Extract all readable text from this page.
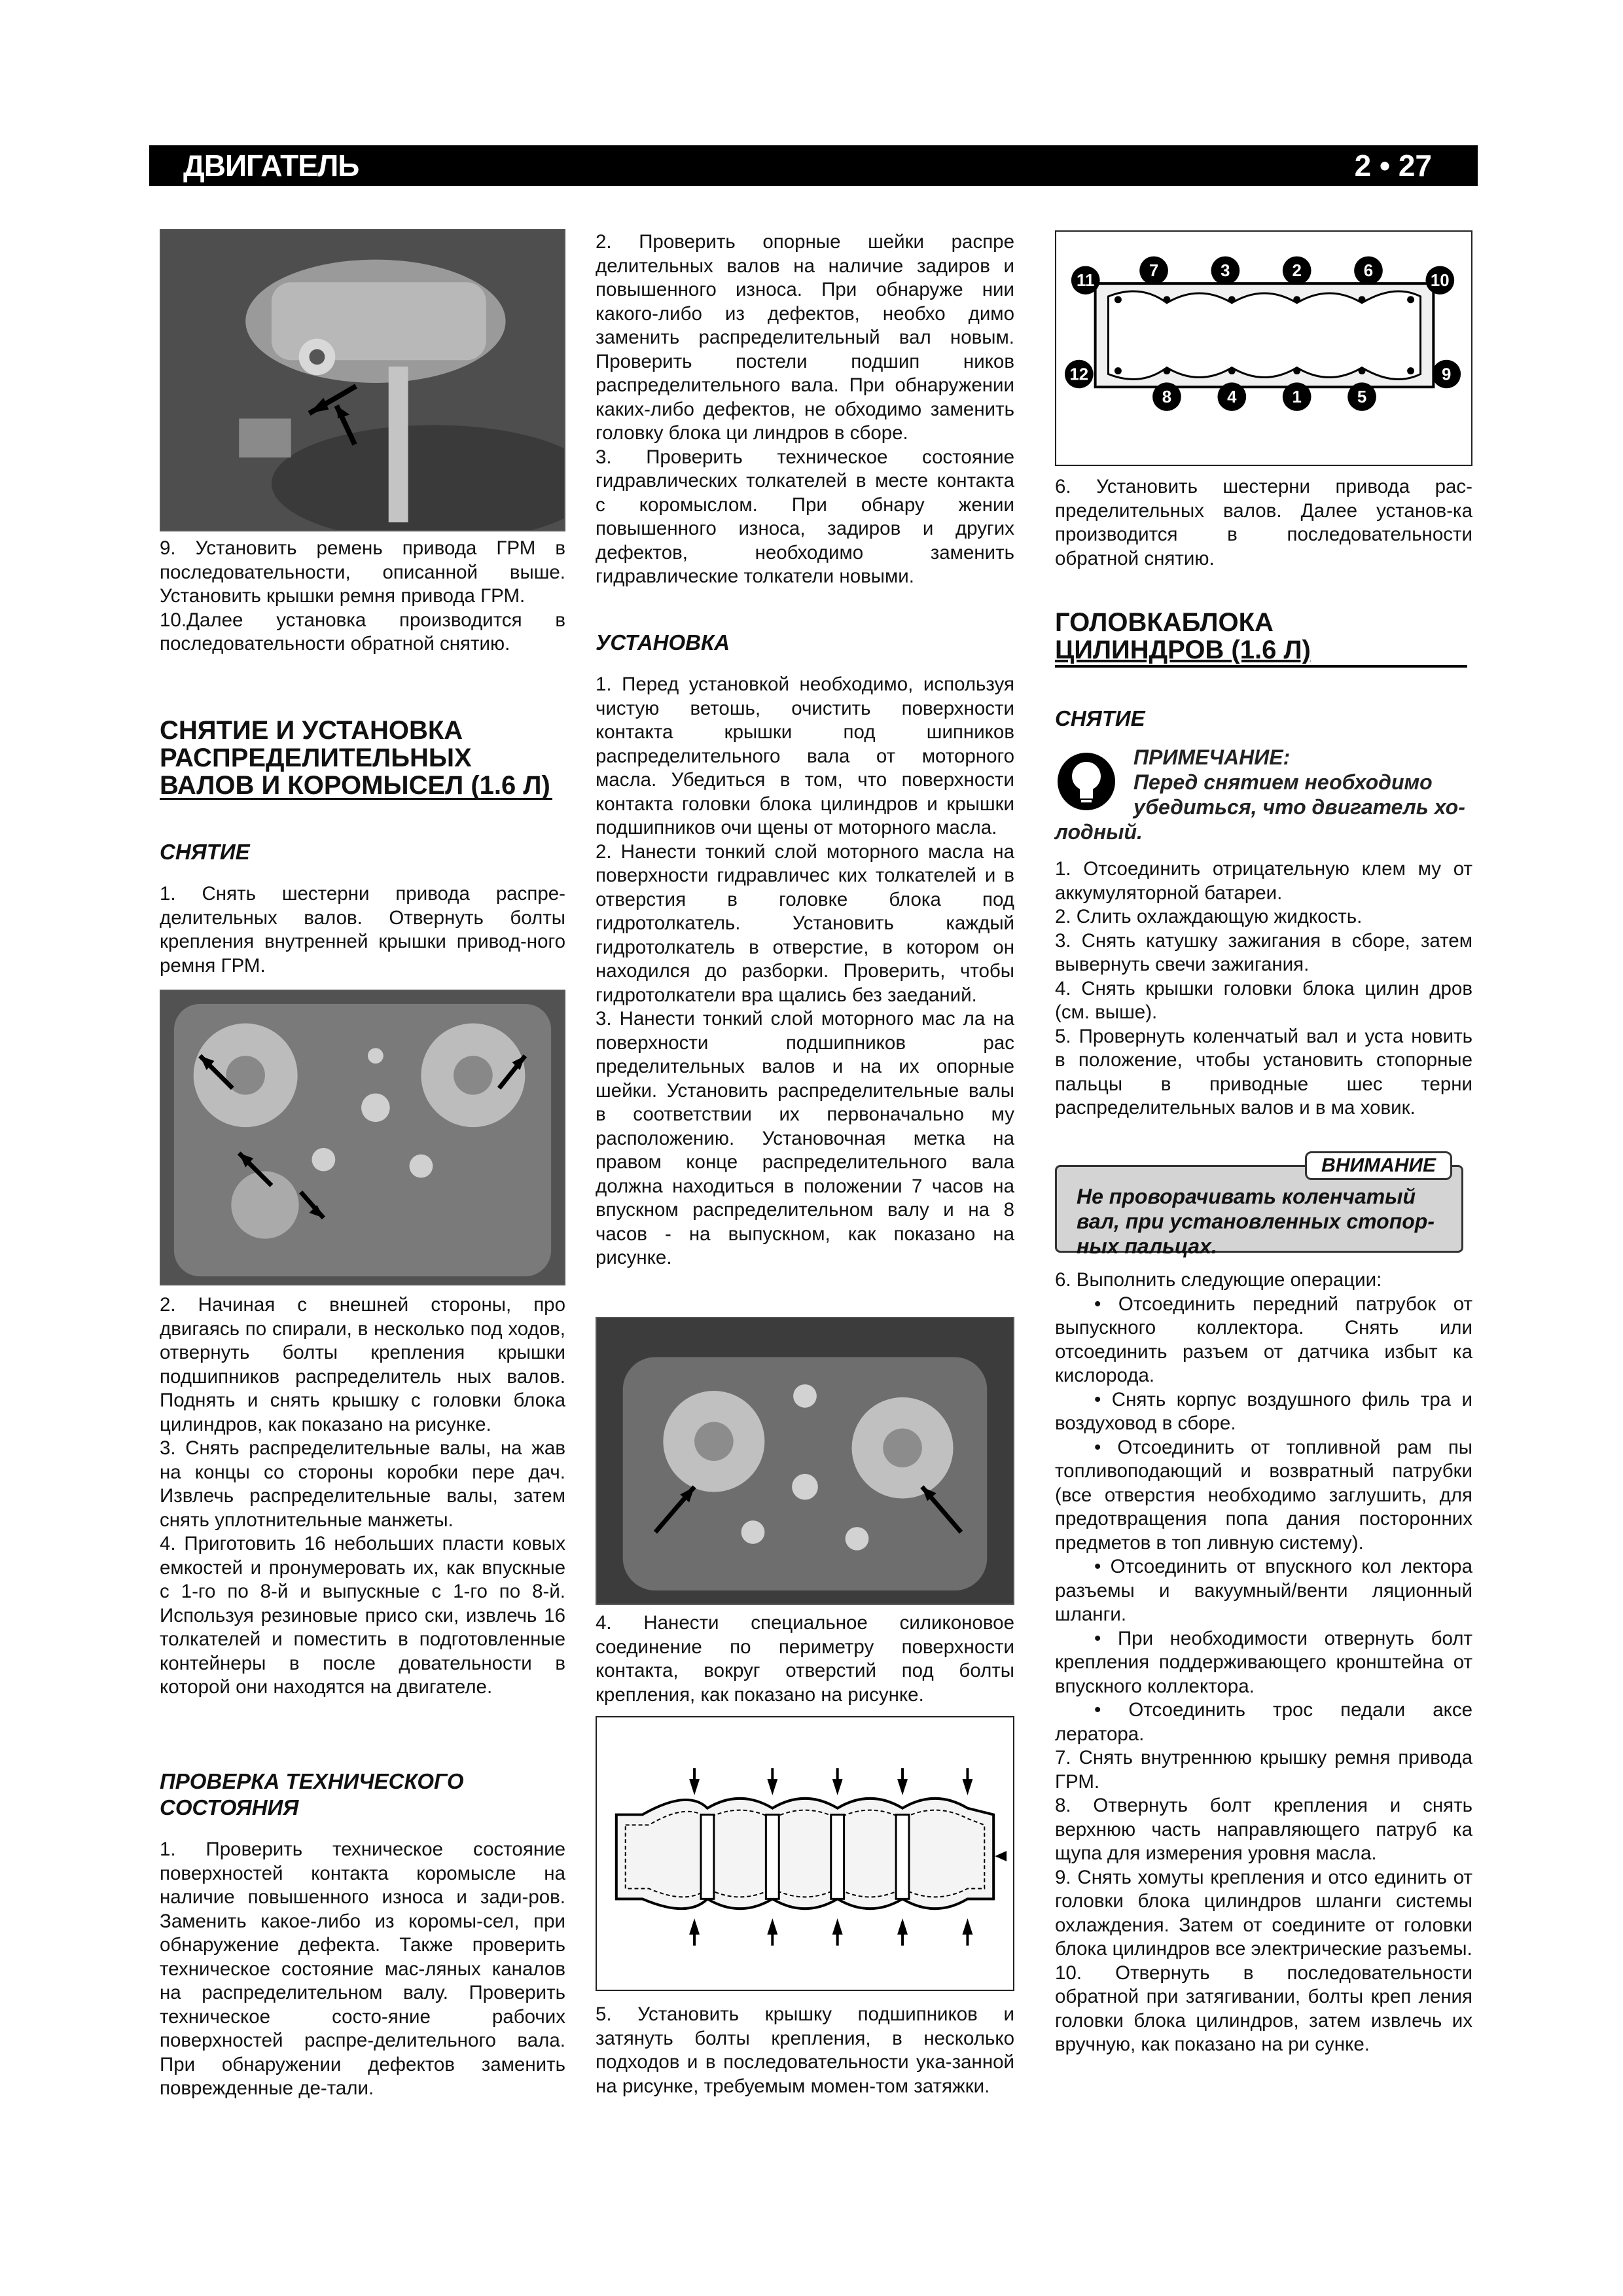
ДВИГАТЕЛЬ	2 • 27

9. Установить ремень привода ГРМ в последовательности, описанной выше. Установить крышки ремня привода ГРМ.

10.Далее установка производится в последовательности обратной снятию.

СНЯТИЕ И УСТАНОВКА РАСПРЕДЕЛИТЕЛЬНЫХ ВАЛОВ И КОРОМЫСЕЛ (1.6 Л)
СНЯТИЕ

1. Снять шестерни привода распре-делительных валов. Отвернуть болты крепления внутренней крышки привод-ного ремня ГРМ.

2. Начиная с внешней стороны, про двигаясь по спирали, в несколько под ходов, отвернуть болты крепления крышки подшипников распределитель ных валов. Поднять и снять крышку с головки блока цилиндров, как показано на рисунке.

3. Снять распределительные валы, на жав на концы со стороны коробки пере дач. Извлечь распределительные валы, затем снять уплотнительные манжеты.

4. Приготовить 16 небольших пласти ковых емкостей и пронумеровать их, как впускные с 1-го по 8-й и выпускные с 1-го по 8-й. Используя резиновые присо ски, извлечь 16 толкателей и поместить в подготовленные контейнеры в после довательности в которой они находятся на двигателе.

ПРОВЕРКА ТЕХНИЧЕСКОГО СОСТОЯНИЯ

1. Проверить техническое состояние поверхностей контакта коромысле на наличие повышенного износа и зади-ров. Заменить какое-либо из коромы-сел, при обнаружение дефекта. Также проверить техническое состояние мас-ляных каналов на распределительном валу. Проверить техническое состо-яние рабочих поверхностей распре-делительного вала. При обнаружении дефектов заменить поврежденные де-тали.

2. Проверить опорные шейки распре делительных валов на наличие задиров и повышенного износа. При обнаруже нии какого-либо из дефектов, необхо димо заменить распределительный вал новым. Проверить постели подшип ников распределительного вала. При обнаружении каких-либо дефектов, не обходимо заменить головку блока ци линдров в сборе.

3. Проверить техническое состояние гидравлических толкателей в месте контакта с коромыслом. При обнару жении повышенного износа, задиров и других дефектов, необходимо заменить гидравлические толкатели новыми.

УСТАНОВКА

1. Перед установкой необходимо, используя чистую ветошь, очистить поверхности контакта крышки под шипников распределительного вала от моторного масла. Убедиться в том, что поверхности контакта головки блока цилиндров и крышки подшипников очи щены от моторного масла.

2. Нанести тонкий слой моторного масла на поверхности гидравличес ких толкателей и в отверстия в головке блока под гидротолкатель. Установить каждый гидротолкатель в отверстие, в котором он находился до разборки. Проверить, чтобы гидротолкатели вра щались без заеданий.

3. Нанести тонкий слой моторного мас ла на поверхности подшипников рас пределительных валов и на их опорные шейки. Установить распределительные валы в соответствии их первоначально му расположению. Установочная метка на правом конце распределительного вала должна находиться в положении 7 часов на впускном распределительном валу и на 8 часов - на выпускном, как показано на рисунке.

4. Нанести специальное силиконовое соединение по периметру поверхности контакта, вокруг отверстий под болты крепления, как показано на рисунке.

5. Установить крышку подшипников и затянуть болты крепления, в несколько подходов и в последовательности ука-занной на рисунке, требуемым момен-том затяжки.

11
7	3	2	6
10
12
8	4	1	5
9

6. Установить шестерни привода рас-пределительных валов. Далее установ-ка производится в последовательности обратной снятию.

ГОЛОВКАБЛОКА
ЦИЛИНДРОВ (1.6 Л)
СНЯТИЕ
ПРИМЕЧАНИЕ:
Перед снятием необходимо
убедиться, что двигатель хо-
лодный.

1. Отсоединить отрицательную клем му от аккумуляторной батареи.

2. Слить охлаждающую жидкость.

3. Снять катушку зажигания в сборе, затем вывернуть свечи зажигания.

4. Снять крышки головки блока цилин дров (см. выше).

5. Провернуть коленчатый вал и уста новить в положение, чтобы установить стопорные пальцы в приводные шес терни распределительных валов и в ма ховик.

ВНИМАНИЕ
Не проворачивать коленчатый вал, при установленных стопор-ных пальцах.

6. Выполнить следующие операции:

• Отсоединить передний патрубок от выпускного коллектора. Снять или отсоединить разъем от датчика избыт ка кислорода.

• Снять корпус воздушного филь тра и воздуховод в сборе.

• Отсоединить от топливной рам пы топливоподающий и возвратный патрубки (все отверстия необходимо заглушить, для предотвращения попа дания посторонних предметов в топ ливную систему).

• Отсоединить от впускного кол лектора разъемы и вакуумный/венти ляционный шланги.

• При необходимости отвернуть болт крепления поддерживающего кронштейна от впускного коллектора.

• Отсоединить трос педали аксе лератора.

7. Снять внутреннюю крышку ремня привода ГРМ.

8. Отвернуть болт крепления и снять верхнюю часть направляющего патруб ка щупа для измерения уровня масла.

9. Снять хомуты крепления и отсо единить от головки блока цилиндров шланги системы охлаждения. Затем от соедините от головки блока цилиндров все электрические разъемы.

10. Отвернуть в последовательности обратной при затягивании, болты креп ления головки блока цилиндров, затем извлечь их вручную, как показано на ри сунке.
